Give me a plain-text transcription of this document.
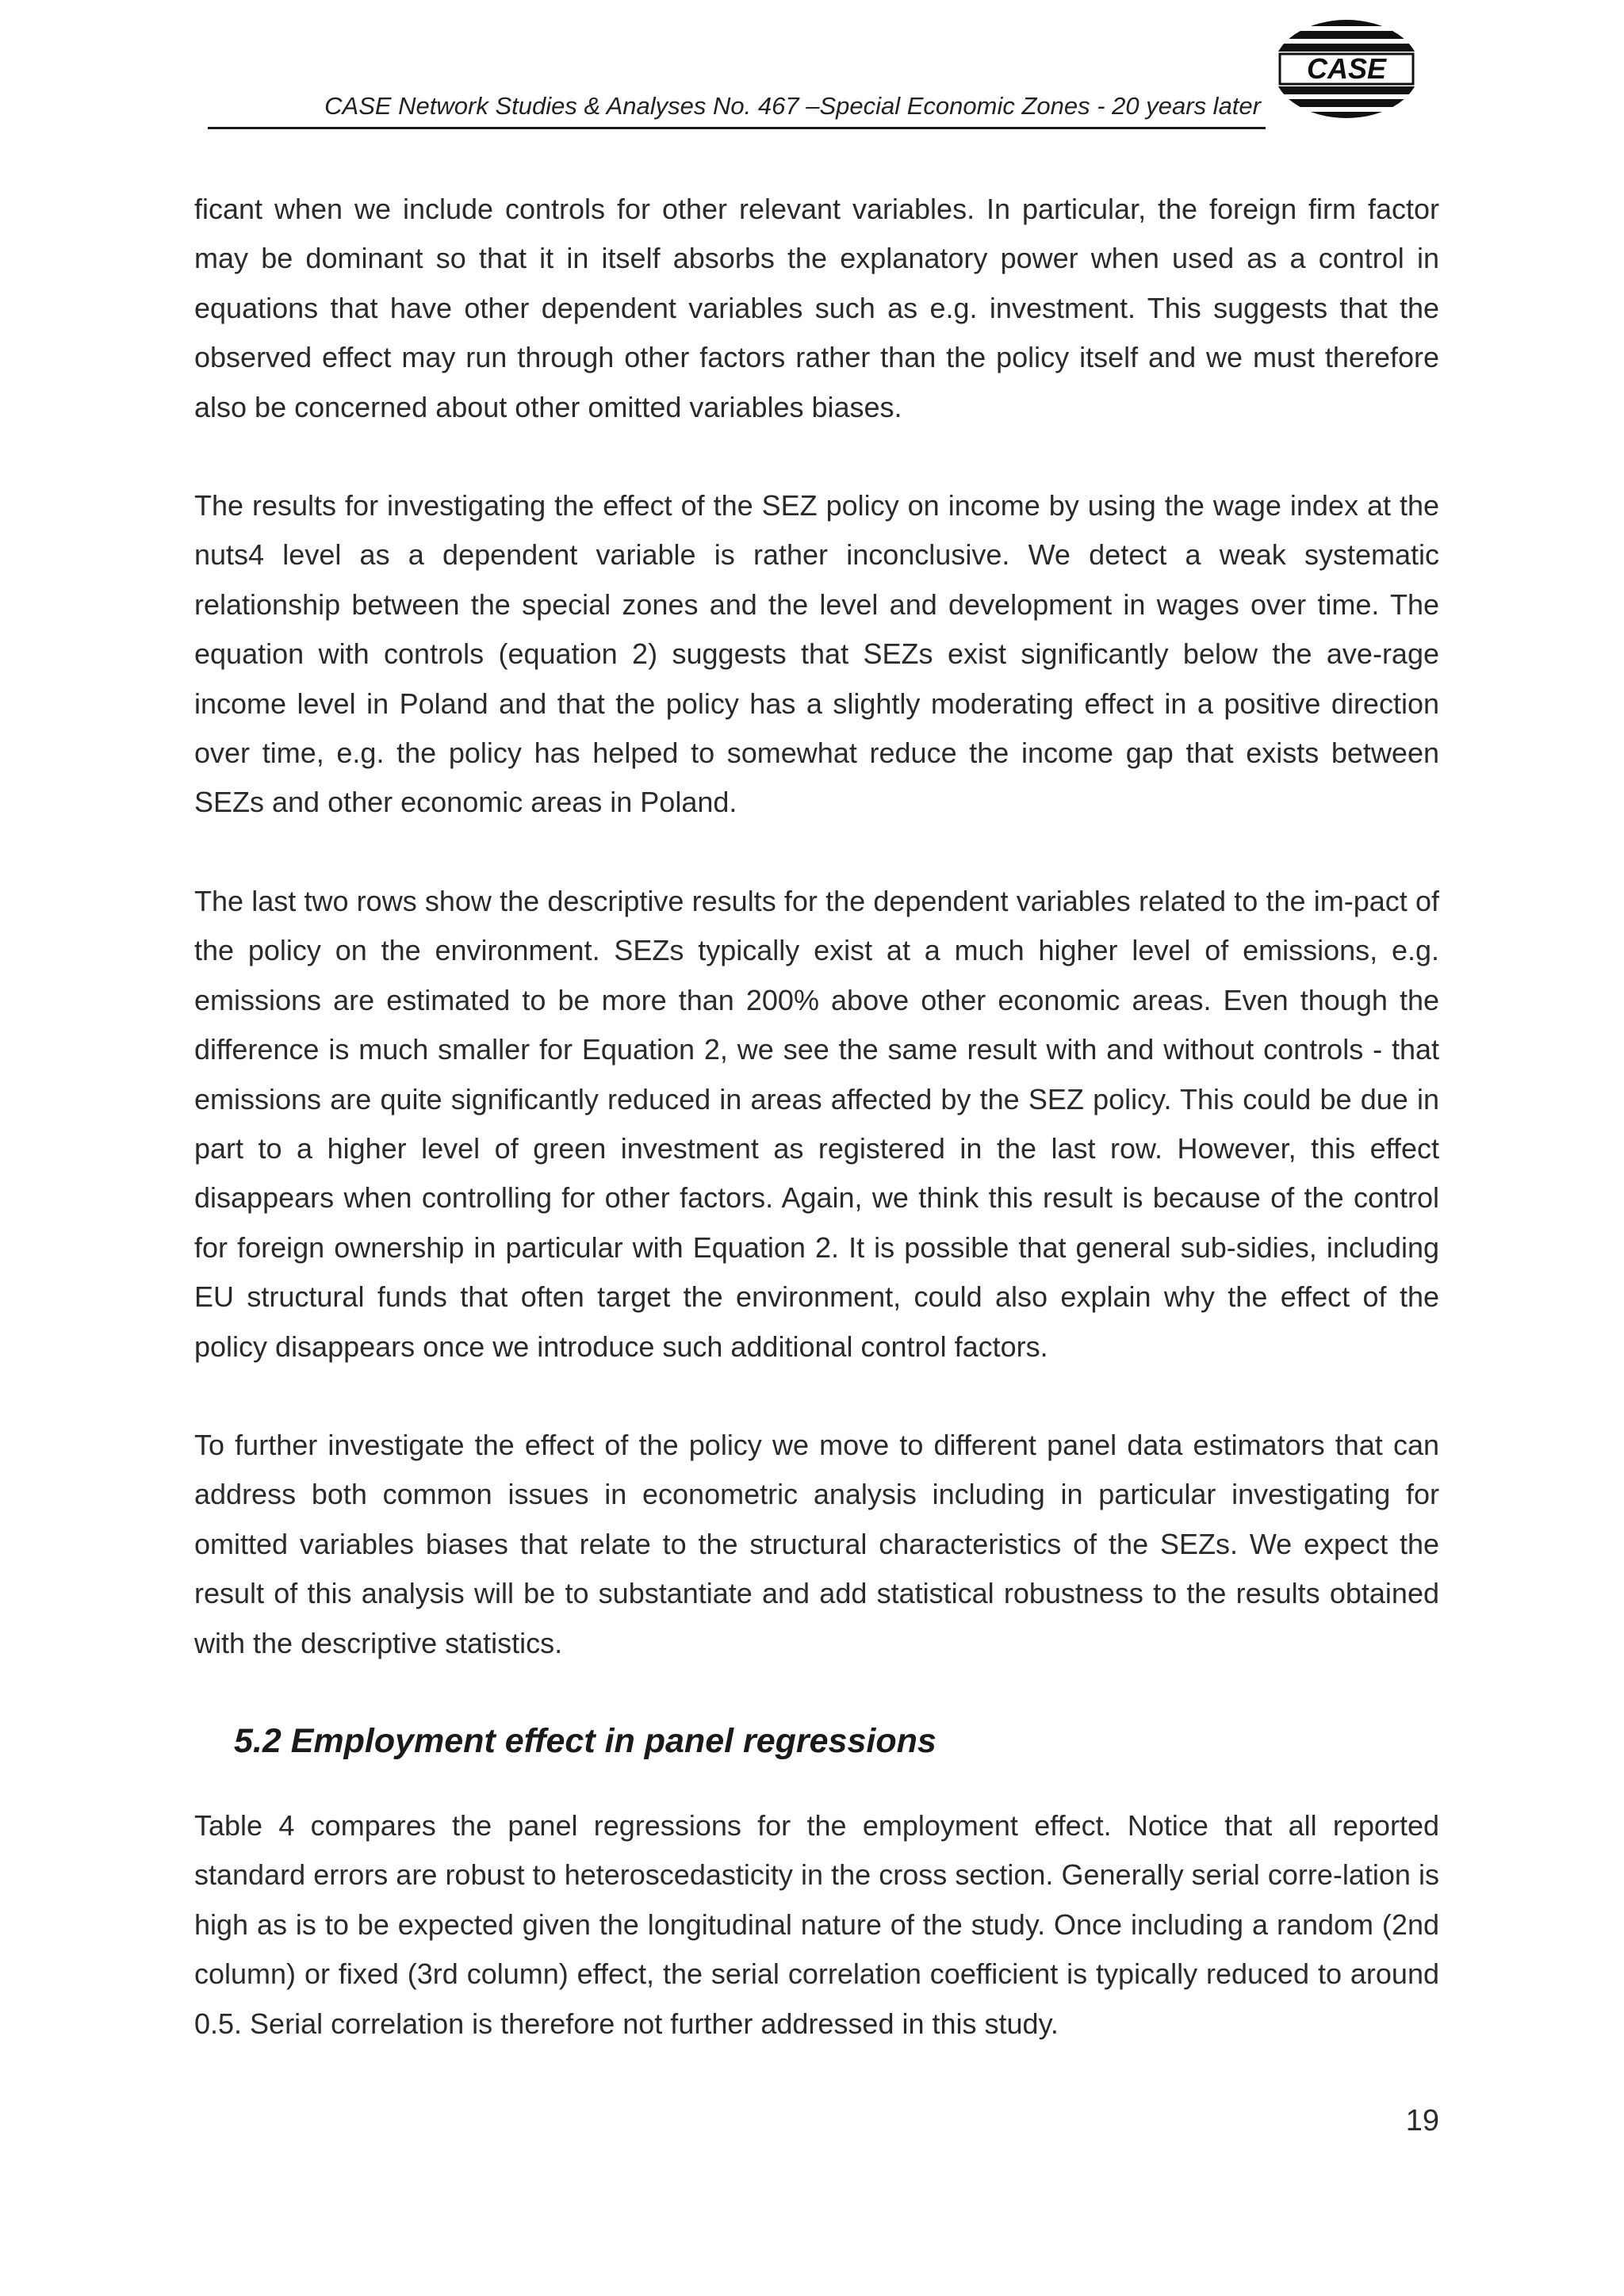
CASE Network Studies & Analyses No. 467 –Special Economic Zones - 20 years later
CASE

ficant when we include controls for other relevant variables. In particular, the foreign firm factor may be dominant so that it in itself absorbs the explanatory power when used as a control in equations that have other dependent variables such as e.g. investment. This suggests that the observed effect may run through other factors rather than the policy itself and we must therefore also be concerned about other omitted variables biases.

The results for investigating the effect of the SEZ policy on income by using the wage index at the nuts4 level as a dependent variable is rather inconclusive. We detect a weak systematic relationship between the special zones and the level and development in wages over time. The equation with controls (equation 2) suggests that SEZs exist significantly below the ave-rage income level in Poland and that the policy has a slightly moderating effect in a positive direction over time, e.g. the policy has helped to somewhat reduce the income gap that exists between SEZs and other economic areas in Poland.

The last two rows show the descriptive results for the dependent variables related to the im-pact of the policy on the environment. SEZs typically exist at a much higher level of emissions, e.g. emissions are estimated to be more than 200% above other economic areas. Even though the difference is much smaller for Equation 2, we see the same result with and without controls - that emissions are quite significantly reduced in areas affected by the SEZ policy. This could be due in part to a higher level of green investment as registered in the last row. However, this effect disappears when controlling for other factors. Again, we think this result is because of the control for foreign ownership in particular with Equation 2. It is possible that general sub-sidies, including EU structural funds that often target the environment, could also explain why the effect of the policy disappears once we introduce such additional control factors.

To further investigate the effect of the policy we move to different panel data estimators that can address both common issues in econometric analysis including in particular investigating for omitted variables biases that relate to the structural characteristics of the SEZs. We expect the result of this analysis will be to substantiate and add statistical robustness to the results obtained with the descriptive statistics.

5.2 Employment effect in panel regressions

Table 4 compares the panel regressions for the employment effect. Notice that all reported standard errors are robust to heteroscedasticity in the cross section. Generally serial corre-lation is high as is to be expected given the longitudinal nature of the study. Once including a random (2nd column) or fixed (3rd column) effect, the serial correlation coefficient is typically reduced to around 0.5. Serial correlation is therefore not further addressed in this study.

19
